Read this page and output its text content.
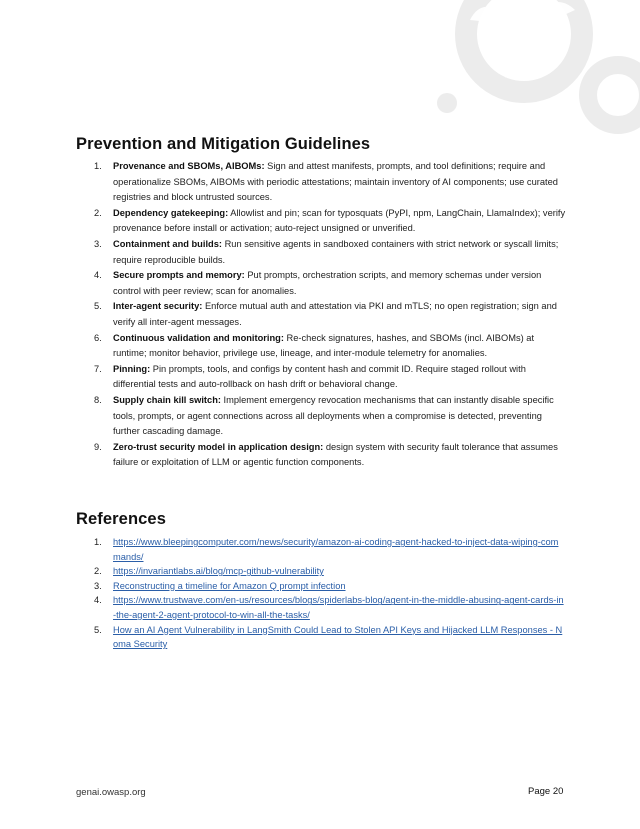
Prevention and Mitigation Guidelines
1. Provenance and SBOMs, AIBOMs: Sign and attest manifests, prompts, and tool definitions; require and operationalize SBOMs, AIBOMs with periodic attestations; maintain inventory of AI components; use curated registries and block untrusted sources.
2. Dependency gatekeeping: Allowlist and pin; scan for typosquats (PyPI, npm, LangChain, LlamaIndex); verify provenance before install or activation; auto-reject unsigned or unverified.
3. Containment and builds: Run sensitive agents in sandboxed containers with strict network or syscall limits; require reproducible builds.
4. Secure prompts and memory: Put prompts, orchestration scripts, and memory schemas under version control with peer review; scan for anomalies.
5. Inter-agent security: Enforce mutual auth and attestation via PKI and mTLS; no open registration; sign and verify all inter-agent messages.
6. Continuous validation and monitoring: Re-check signatures, hashes, and SBOMs (incl. AIBOMs) at runtime; monitor behavior, privilege use, lineage, and inter-module telemetry for anomalies.
7. Pinning: Pin prompts, tools, and configs by content hash and commit ID. Require staged rollout with differential tests and auto-rollback on hash drift or behavioral change.
8. Supply chain kill switch: Implement emergency revocation mechanisms that can instantly disable specific tools, prompts, or agent connections across all deployments when a compromise is detected, preventing further cascading damage.
9. Zero-trust security model in application design: design system with security fault tolerance that assumes failure or exploitation of LLM or agentic function components.
References
1. https://www.bleepingcomputer.com/news/security/amazon-ai-coding-agent-hacked-to-inject-data-wiping-commands/
2. https://invariantlabs.ai/blog/mcp-github-vulnerability
3. Reconstructing a timeline for Amazon Q prompt infection
4. https://www.trustwave.com/en-us/resources/blogs/spiderlabs-blog/agent-in-the-middle-abusing-agent-cards-in-the-agent-2-agent-protocol-to-win-all-the-tasks/
5. How an AI Agent Vulnerability in LangSmith Could Lead to Stolen API Keys and Hijacked LLM Responses - Noma Security
genai.owasp.org	Page 20
